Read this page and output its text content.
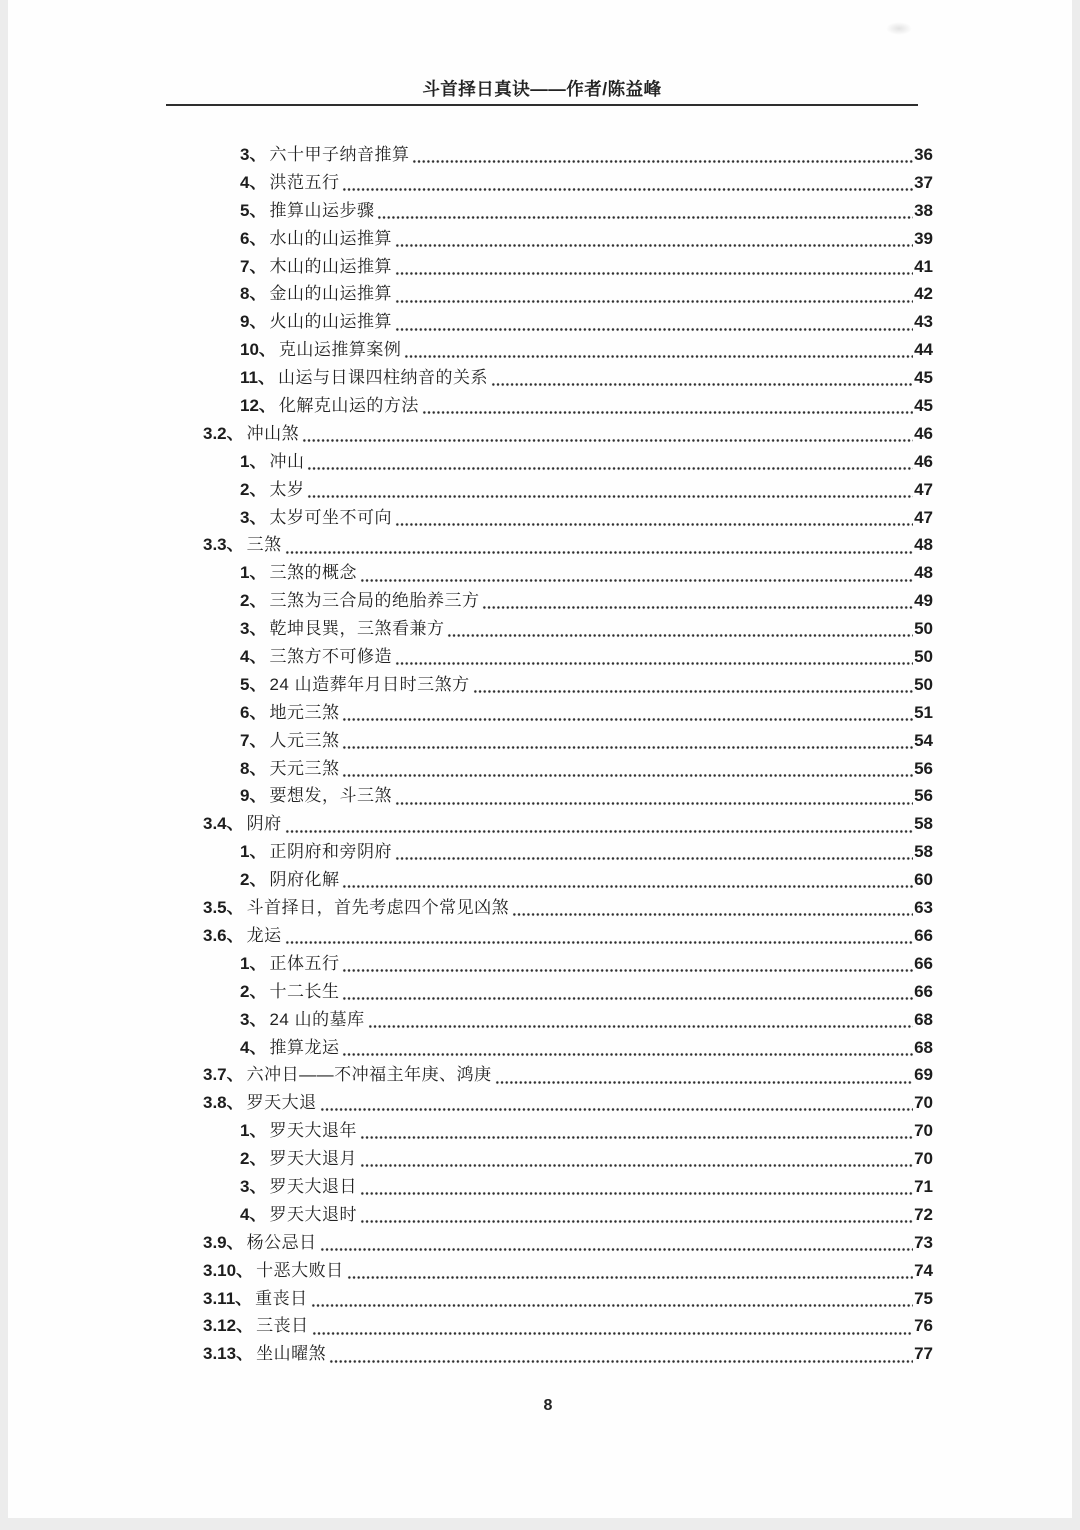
斗首择日真诀——作者/陈益峰
3、 六十甲子纳音推算	36
4、 洪范五行	37
5、 推算山运步骤	38
6、 水山的山运推算	39
7、 木山的山运推算	41
8、 金山的山运推算	42
9、 火山的山运推算	43
10、 克山运推算案例	44
11、 山运与日课四柱纳音的关系	45
12、 化解克山运的方法	45
3.2、 冲山煞	46
1、 冲山	46
2、 太岁	47
3、 太岁可坐不可向	47
3.3、 三煞	48
1、 三煞的概念	48
2、 三煞为三合局的绝胎养三方	49
3、 乾坤艮巽，三煞看兼方	50
4、 三煞方不可修造	50
5、 24 山造葬年月日时三煞方	50
6、 地元三煞	51
7、 人元三煞	54
8、 天元三煞	56
9、 要想发，斗三煞	56
3.4、 阴府	58
1、 正阴府和旁阴府	58
2、 阴府化解	60
3.5、 斗首择日，首先考虑四个常见凶煞	63
3.6、 龙运	66
1、 正体五行	66
2、 十二长生	66
3、 24 山的墓库	68
4、 推算龙运	68
3.7、 六冲日——不冲福主年庚、鸿庚	69
3.8、 罗天大退	70
1、 罗天大退年	70
2、 罗天大退月	70
3、 罗天大退日	71
4、 罗天大退时	72
3.9、 杨公忌日	73
3.10、 十恶大败日	74
3.11、 重丧日	75
3.12、 三丧日	76
3.13、 坐山曜煞	77
8
